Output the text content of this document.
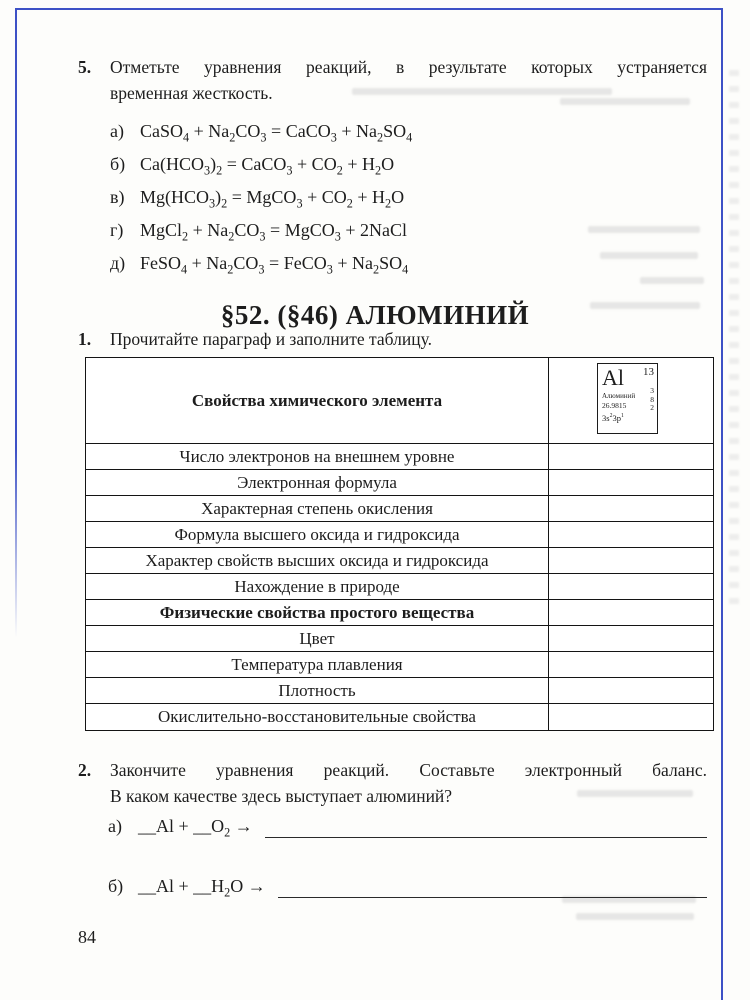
5.	Отметьте уравнения реакций, в результате которых устраняется
временная жесткость.
а) CaSO$_4$ + $Na_2CO_3$ = CaCO$_3$ + $Na_2SO_4$
б) $Ca(HCO_3)_2$ = CaCO$_3$ + $CO_2 + H_2O$
в) $Mg(HCO_3)_2$ = MgCO$_3$ + $CO_2 + H_2O$
г) MgCl$_2$ + $Na_2CO_3$ = MgCO$_3$ + 2NaCl
д) FeSO$_4$ + $Na_2CO_3$ = FeCO$_3$ + $Na_2SO_4$
§52. (§46) АЛЮМИНИЙ
1.	Прочитайте параграф и заполните таблицу.
Свойства химического элемента
Al
Алюминий
26.9815
$3s^23p^1$
13
3
8
2
Число электронов на внешнем уровне
Электронная формула
Характерная степень окисления
Формула высшего оксида и гидроксида
Характер свойств высших оксида и гидроксида
Нахождение в природе
Физические свойства простого вещества
Цвет
Температура плавления
Плотность
Окислительно-восстановительные свойства
2.	Закончите уравнения реакций. Составьте электронный баланс.
В каком качестве здесь выступает алюминий?
а) __Al + $\_\_O_2$ →
б) __Al + $\_\_H_2O$ →
84
